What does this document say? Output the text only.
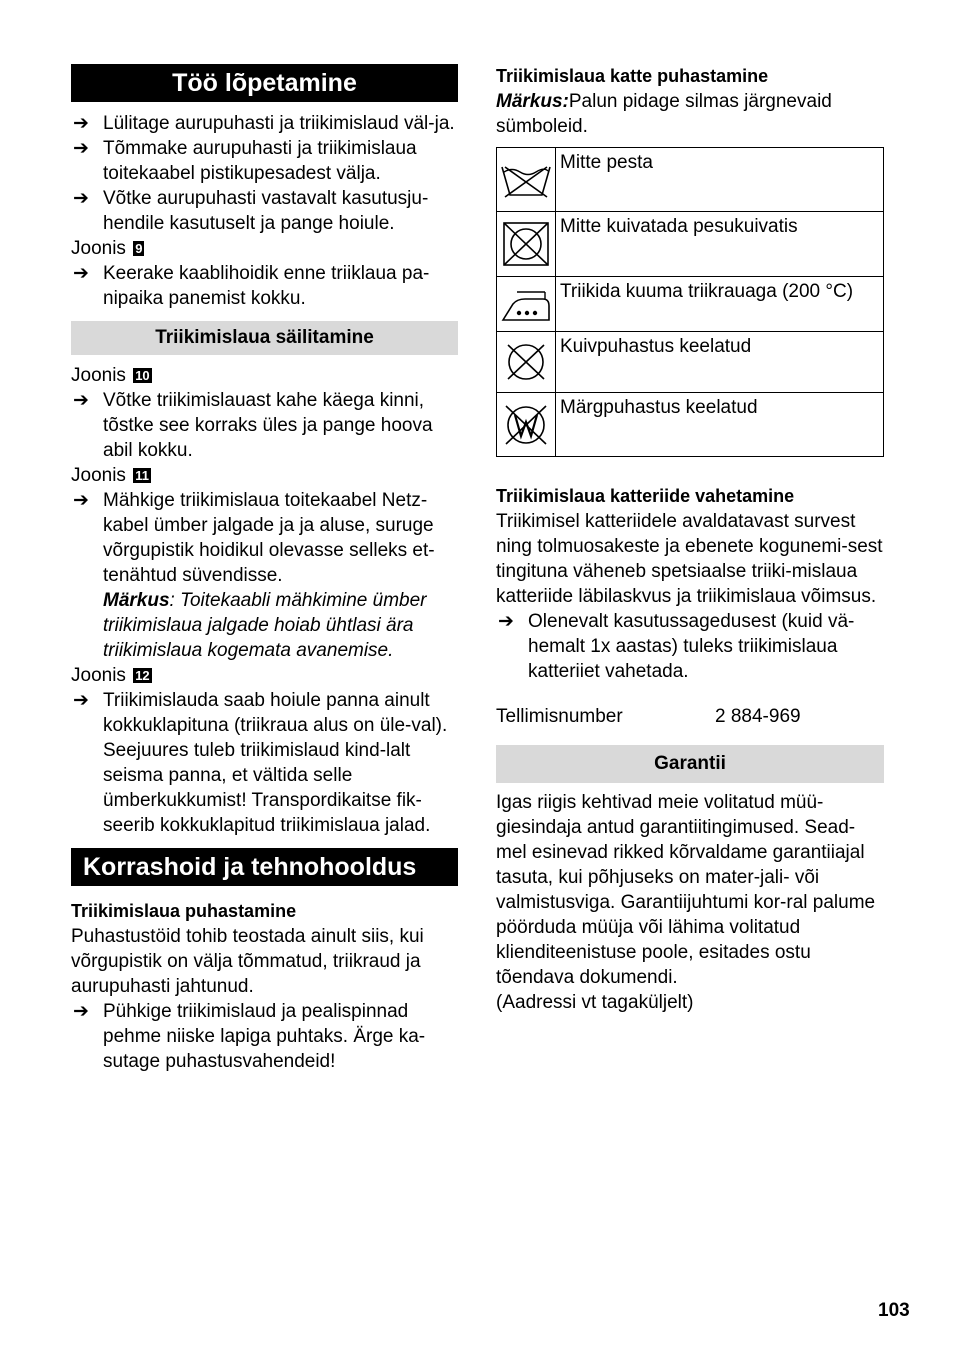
Töö lõpetamine

➔ Lülitage aurupuhasti ja triikimislaud väl-ja.

➔ Tõmmake aurupuhasti ja triikimislaua toitekaabel pistikupesadest välja.

➔ Võtke aurupuhasti vastavalt kasutusju-hendile kasutuselt ja pange hoiule.

Joonis 9

➔ Keerake kaablihoidik enne triiklaua pa-nipaika panemist kokku.

Triikimislaua säilitamine

Joonis 10

➔ Võtke triikimislauast kahe käega kinni, tõstke see korraks üles ja pange hoova abil kokku.

Joonis 11

➔ Mähkige triikimislaua toitekaabel Netz-kabel ümber jalgade ja ja aluse, suruge võrgupistik hoidikul olevasse selleks et-tenähtud süvendisse.

Märkus: Toitekaabli mähkimine ümber triikimislaua jalgade hoiab ühtlasi ära triikimislaua kogemata avanemise.

Joonis 12

➔ Triikimislauda saab hoiule panna ainult kokkuklapituna (triikraua alus on üle-val). Seejuures tuleb triikimislaud kind-lalt seisma panna, et vältida selle ümberkukkumist! Transpordikaitse fik-seerib kokkuklapitud triikimislaua jalad.

Korrashoid ja tehnohooldus

Triikimislaua puhastamine

Puhastustöid tohib teostada ainult siis, kui võrgupistik on välja tõmmatud, triikraud ja aurupuhasti jahtunud.

➔ Pühkige triikimislaud ja pealispinnad pehme niiske lapiga puhtaks. Ärge ka-sutage puhastusvahendeid!

Triikimislaua katte puhastamine

Märkus:Palun pidage silmas järgnevaid sümboleid.

	Mitte pesta

	Mitte kuivatada pesukuivatis

	Triikida kuuma triikrauaga (200 °C)

	Kuivpuhastus keelatud

	Märgpuhastus keelatud

Triikimislaua katteriide vahetamine

Triikimisel katteriidele avaldatavast survest ning tolmuosakeste ja ebenete kogunemi-sest tingituna väheneb spetsiaalse triiki-mislaua katteriide läbilaskvus ja triikimislaua võimsus.

➔ Olenevalt kasutussagedusest (kuid vä-hemalt 1x aastas) tuleks triikimislaua katteriiet vahetada.

Tellimisnumber	2 884-969
Garantii

Igas riigis kehtivad meie volitatud müü-giesindaja antud garantiitingimused. Sead-mel esinevad rikked kõrvaldame garantiiajal tasuta, kui põhjuseks on mater-jali- või valmistusviga. Garantiijuhtumi kor-ral palume pöörduda müüja või lähima volitatud klienditeenistuse poole, esitades ostu tõendava dokumendi.

(Aadressi vt tagaküljelt)

103
